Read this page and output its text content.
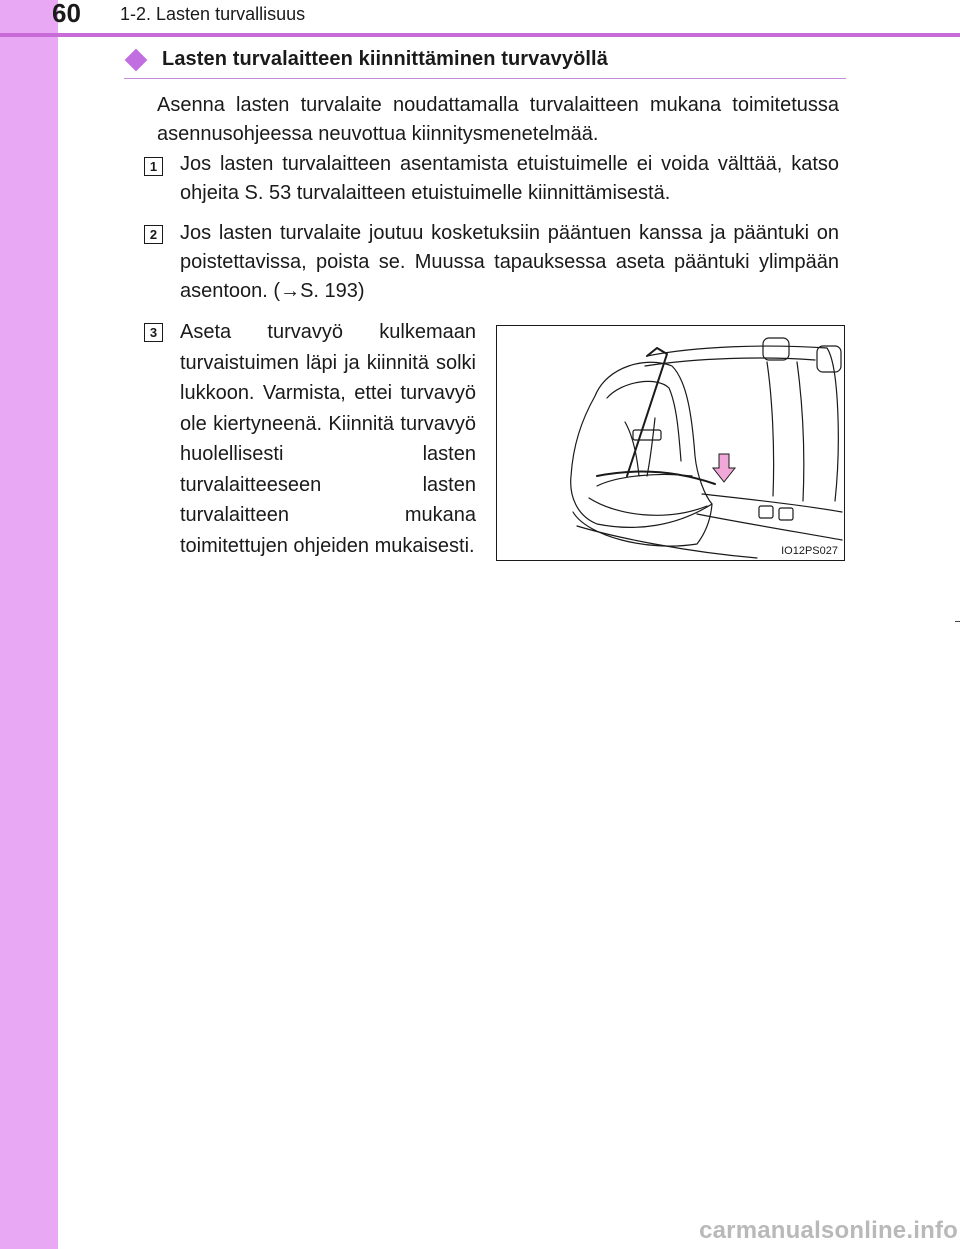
60 1-2. Lasten turvallisuus
Lasten turvalaitteen kiinnittäminen turvavyöllä
Asenna lasten turvalaite noudattamalla turvalaitteen mukana toimitetussa asennusohjeessa neuvottua kiinnitysmenetelmää.
1 Jos lasten turvalaitteen asentamista etuistuimelle ei voida välttää, katso ohjeita S. 53 turvalaitteen etuistuimelle kiinnittämisestä.
2 Jos lasten turvalaite joutuu kosketuksiin pääntuen kanssa ja pääntuki on poistettavissa, poista se. Muussa tapauksessa aseta pääntuki ylimpään asentoon. (→S. 193)
3 Aseta turvavyö kulkemaan turvaistuimen läpi ja kiinnitä solki lukkoon. Varmista, ettei turvavyö ole kiertyneenä. Kiinnitä turvavyö huolellisesti lasten turvalaitteeseen lasten turvalaitteen mukana toimitettujen ohjeiden mukaisesti.	IO12PS027
carmanualsonline.info
